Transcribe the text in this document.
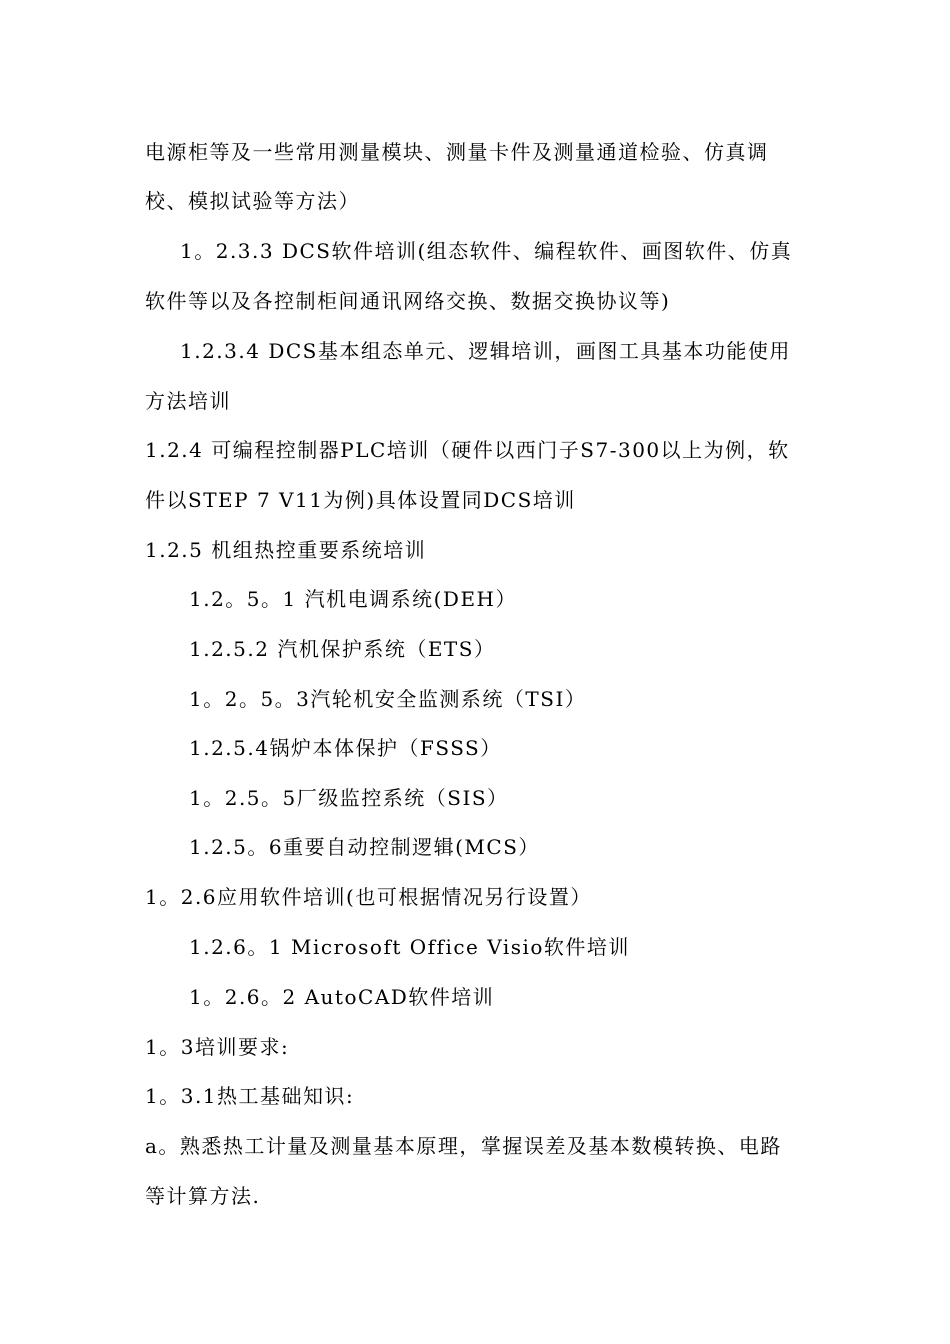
电源柜等及一些常用测量模块、测量卡件及测量通道检验、仿真调
校、模拟试验等方法）
1。2.3.3 DCS软件培训(组态软件、编程软件、画图软件、仿真
软件等以及各控制柜间通讯网络交换、数据交换协议等)
1.2.3.4 DCS基本组态单元、逻辑培训，画图工具基本功能使用
方法培训
1.2.4 可编程控制器PLC培训（硬件以西门子S7-300以上为例，软
件以STEP 7 V11为例)具体设置同DCS培训
1.2.5 机组热控重要系统培训
1.2。5。1 汽机电调系统(DEH）
1.2.5.2 汽机保护系统（ETS）
1。2。5。3汽轮机安全监测系统（TSI）
1.2.5.4锅炉本体保护（FSSS）
1。2.5。5厂级监控系统（SIS）
1.2.5。6重要自动控制逻辑(MCS）
1。2.6应用软件培训(也可根据情况另行设置）
1.2.6。1 Microsoft Office Visio软件培训
1。2.6。2 AutoCAD软件培训
1。3培训要求:
1。3.1热工基础知识:
a。熟悉热工计量及测量基本原理，掌握误差及基本数模转换、电路
等计算方法.
